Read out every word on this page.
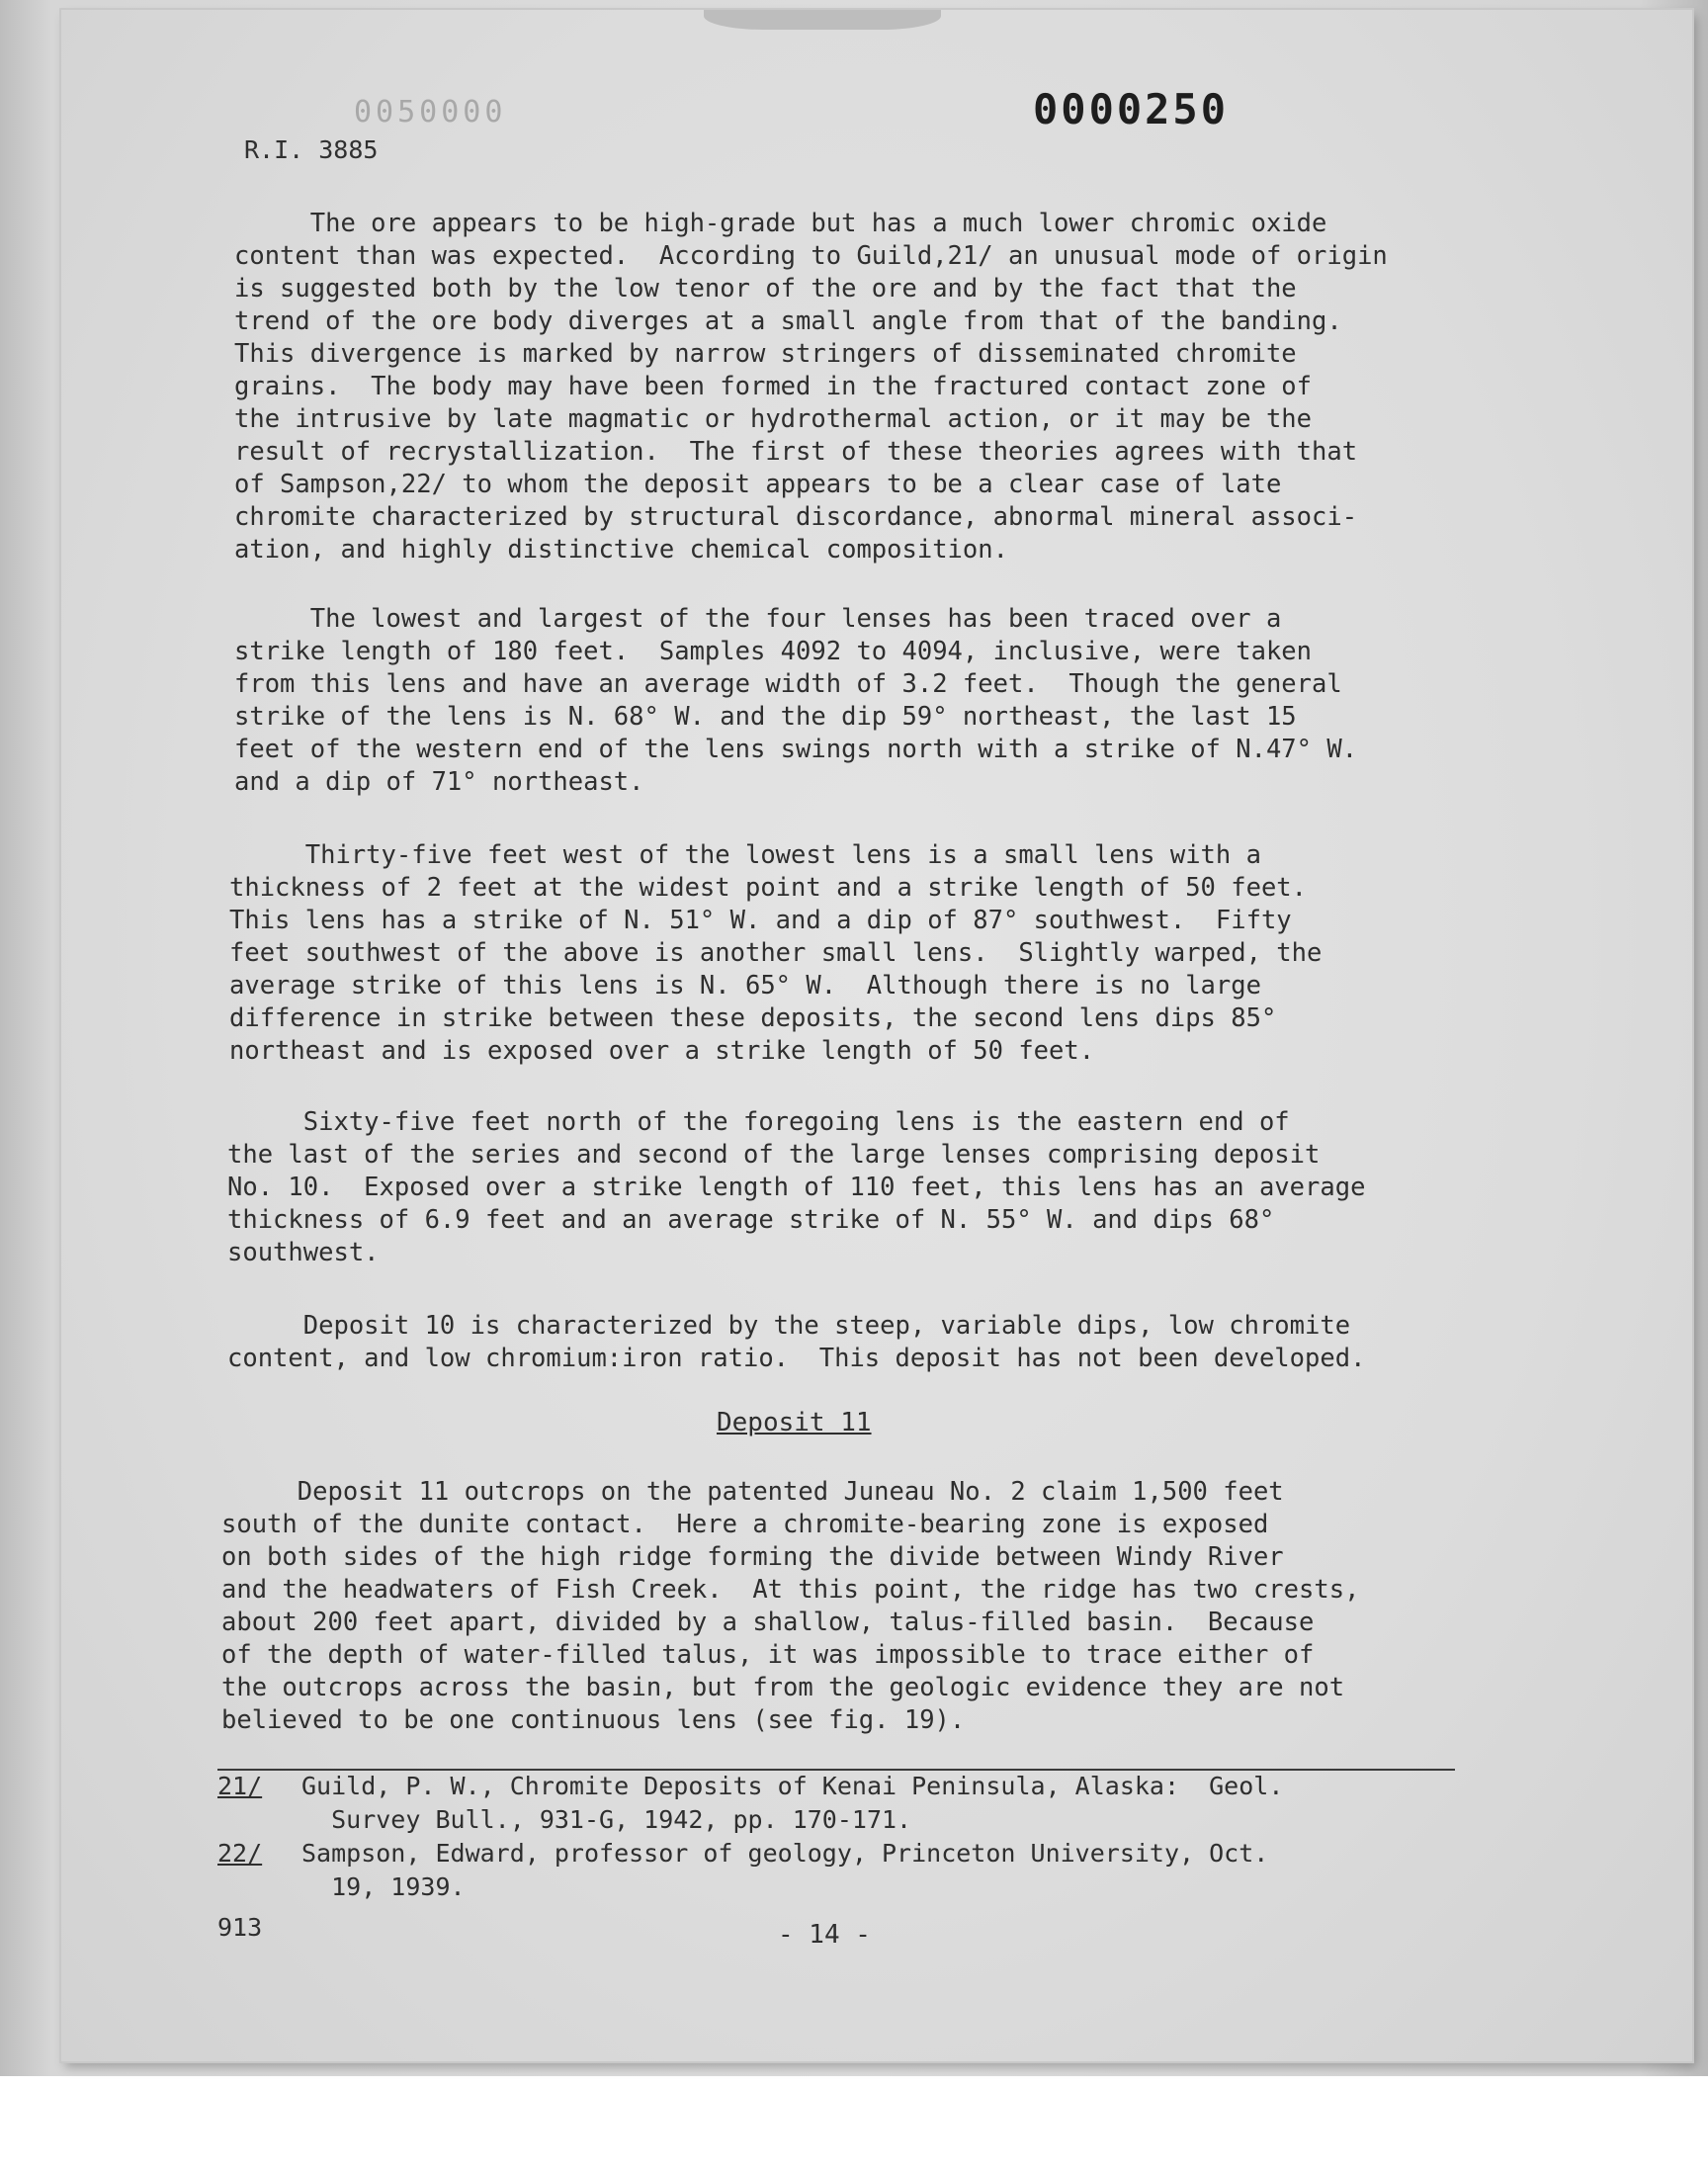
0050000	0000250
R.I. 3885
The ore appears to be high-grade but has a much lower chromic oxide
content than was expected.  According to Guild,21/ an unusual mode of origin
is suggested both by the low tenor of the ore and by the fact that the
trend of the ore body diverges at a small angle from that of the banding.
This divergence is marked by narrow stringers of disseminated chromite
grains.  The body may have been formed in the fractured contact zone of
the intrusive by late magmatic or hydrothermal action, or it may be the
result of recrystallization.  The first of these theories agrees with that
of Sampson,22/ to whom the deposit appears to be a clear case of late
chromite characterized by structural discordance, abnormal mineral associ-
ation, and highly distinctive chemical composition.
The lowest and largest of the four lenses has been traced over a
strike length of 180 feet.  Samples 4092 to 4094, inclusive, were taken
from this lens and have an average width of 3.2 feet.  Though the general
strike of the lens is N. 68° W. and the dip 59° northeast, the last 15
feet of the western end of the lens swings north with a strike of N.47° W.
and a dip of 71° northeast.
Thirty-five feet west of the lowest lens is a small lens with a
thickness of 2 feet at the widest point and a strike length of 50 feet.
This lens has a strike of N. 51° W. and a dip of 87° southwest.  Fifty
feet southwest of the above is another small lens.  Slightly warped, the
average strike of this lens is N. 65° W.  Although there is no large
difference in strike between these deposits, the second lens dips 85°
northeast and is exposed over a strike length of 50 feet.
Sixty-five feet north of the foregoing lens is the eastern end of
the last of the series and second of the large lenses comprising deposit
No. 10.  Exposed over a strike length of 110 feet, this lens has an average
thickness of 6.9 feet and an average strike of N. 55° W. and dips 68°
southwest.
Deposit 10 is characterized by the steep, variable dips, low chromite
content, and low chromium:iron ratio.  This deposit has not been developed.
Deposit 11
Deposit 11 outcrops on the patented Juneau No. 2 claim 1,500 feet
south of the dunite contact.  Here a chromite-bearing zone is exposed
on both sides of the high ridge forming the divide between Windy River
and the headwaters of Fish Creek.  At this point, the ridge has two crests,
about 200 feet apart, divided by a shallow, talus-filled basin.  Because
of the depth of water-filled talus, it was impossible to trace either of
the outcrops across the basin, but from the geologic evidence they are not
believed to be one continuous lens (see fig. 19).
21/ Guild, P. W., Chromite Deposits of Kenai Peninsula, Alaska:  Geol.
Survey Bull., 931-G, 1942, pp. 170-171.
22/ Sampson, Edward, professor of geology, Princeton University, Oct.
19, 1939.
913	- 14 -
